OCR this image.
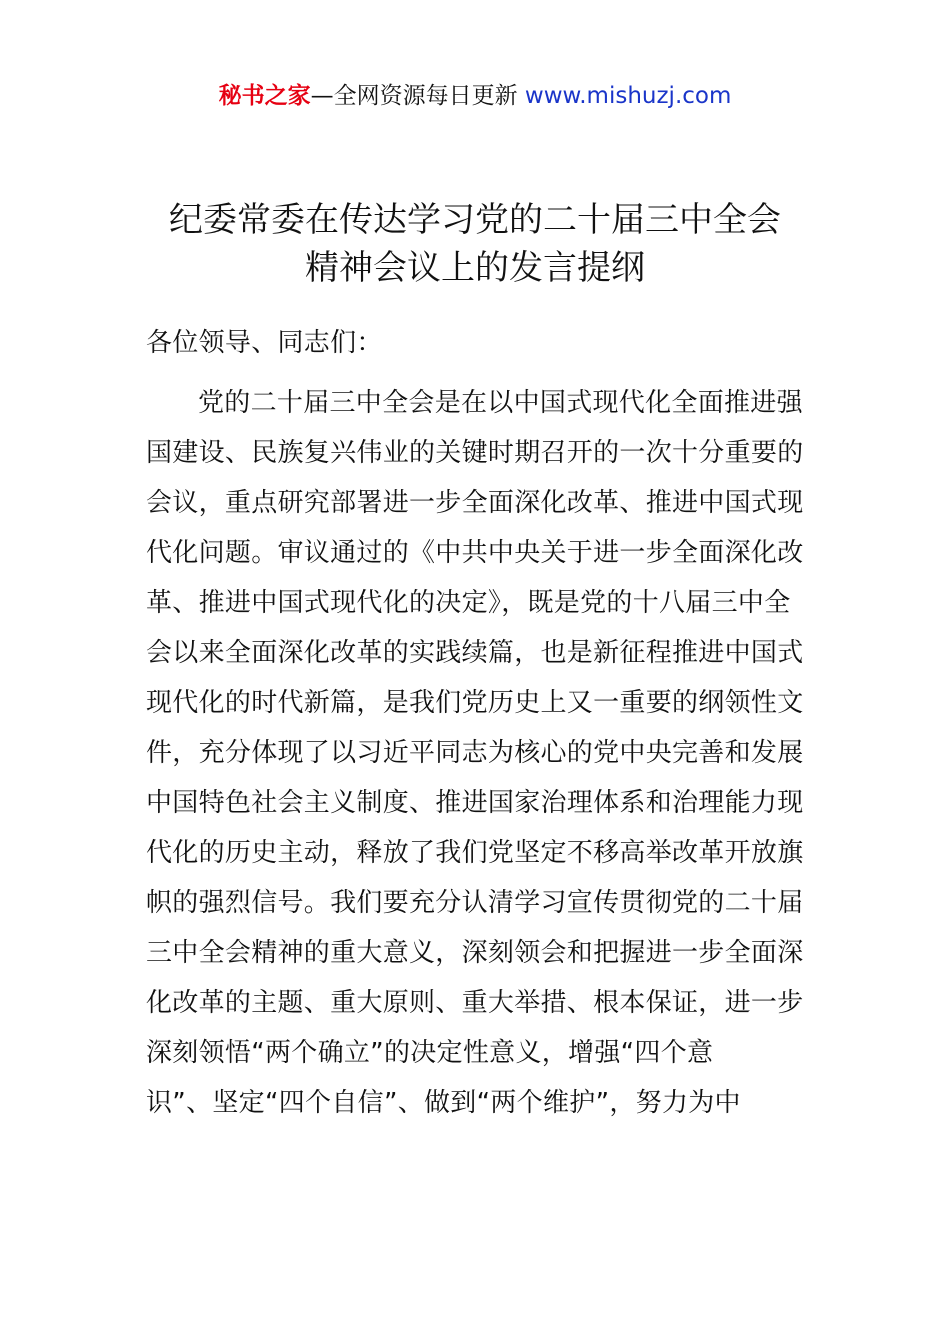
秘书之家—全网资源每日更新 www.mishuzj.com
纪委常委在传达学习党的二十届三中全会
精神会议上的发言提纲
各位领导、同志们：
党的二十届三中全会是在以中国式现代化全面推进强
国建设、民族复兴伟业的关键时期召开的一次十分重要的
会议，重点研究部署进一步全面深化改革、推进中国式现
代化问题。审议通过的《中共中央关于进一步全面深化改
革、推进中国式现代化的决定》，既是党的十八届三中全
会以来全面深化改革的实践续篇，也是新征程推进中国式
现代化的时代新篇，是我们党历史上又一重要的纲领性文
件，充分体现了以习近平同志为核心的党中央完善和发展
中国特色社会主义制度、推进国家治理体系和治理能力现
代化的历史主动，释放了我们党坚定不移高举改革开放旗
帜的强烈信号。我们要充分认清学习宣传贯彻党的二十届
三中全会精神的重大意义，深刻领会和把握进一步全面深
化改革的主题、重大原则、重大举措、根本保证，进一步
深刻领悟“两个确立”的决定性意义，增强“四个意
识”、坚定“四个自信”、做到“两个维护”，努力为中
